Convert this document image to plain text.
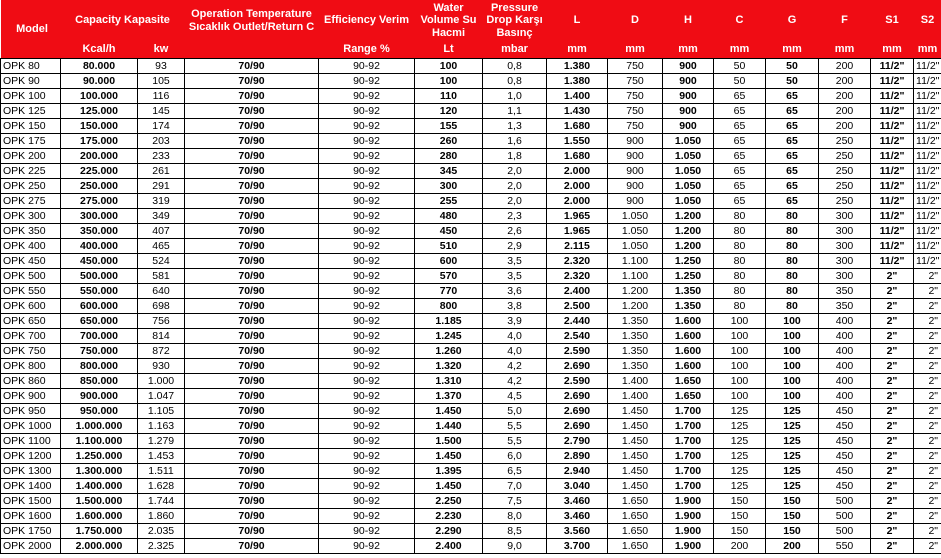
Model	Capacity Kapasite		Operation Temperature Sıcaklık Outlet/Return C	Efficiency Verim	Water Volume Su Hacmi	Pressure Drop Karşı Basınç	L	D	H	C	G	F	S1	S2
	Kcal/h	kw		Range %	Lt	mbar	mm	mm	mm	mm	mm	mm	mm	mm
OPK 80	80.000	93	70/90	90-92	100	0,8	1.380	750	900	50	50	200	11/2"	11/2"
OPK 90	90.000	105	70/90	90-92	100	0,8	1.380	750	900	50	50	200	11/2"	11/2"
OPK 100	100.000	116	70/90	90-92	110	1,0	1.400	750	900	65	65	200	11/2"	11/2"
OPK 125	125.000	145	70/90	90-92	120	1,1	1.430	750	900	65	65	200	11/2"	11/2"
OPK 150	150.000	174	70/90	90-92	155	1,3	1.680	750	900	65	65	200	11/2"	11/2"
OPK 175	175.000	203	70/90	90-92	260	1,6	1.550	900	1.050	65	65	250	11/2"	11/2"
OPK 200	200.000	233	70/90	90-92	280	1,8	1.680	900	1.050	65	65	250	11/2"	11/2"
OPK 225	225.000	261	70/90	90-92	345	2,0	2.000	900	1.050	65	65	250	11/2"	11/2"
OPK 250	250.000	291	70/90	90-92	300	2,0	2.000	900	1.050	65	65	250	11/2"	11/2"
OPK 275	275.000	319	70/90	90-92	255	2,0	2.000	900	1.050	65	65	250	11/2"	11/2"
OPK 300	300.000	349	70/90	90-92	480	2,3	1.965	1.050	1.200	80	80	300	11/2"	11/2"
OPK 350	350.000	407	70/90	90-92	450	2,6	1.965	1.050	1.200	80	80	300	11/2"	11/2"
OPK 400	400.000	465	70/90	90-92	510	2,9	2.115	1.050	1.200	80	80	300	11/2"	11/2"
OPK 450	450.000	524	70/90	90-92	600	3,5	2.320	1.100	1.250	80	80	300	11/2"	11/2"
OPK 500	500.000	581	70/90	90-92	570	3,5	2.320	1.100	1.250	80	80	300	2"	2"
OPK 550	550.000	640	70/90	90-92	770	3,6	2.400	1.200	1.350	80	80	350	2"	2"
OPK 600	600.000	698	70/90	90-92	800	3,8	2.500	1.200	1.350	80	80	350	2"	2"
OPK 650	650.000	756	70/90	90-92	1.185	3,9	2.440	1.350	1.600	100	100	400	2"	2"
OPK 700	700.000	814	70/90	90-92	1.245	4,0	2.540	1.350	1.600	100	100	400	2"	2"
OPK 750	750.000	872	70/90	90-92	1.260	4,0	2.590	1.350	1.600	100	100	400	2"	2"
OPK 800	800.000	930	70/90	90-92	1.320	4,2	2.690	1.350	1.600	100	100	400	2"	2"
OPK 860	850.000	1.000	70/90	90-92	1.310	4,2	2.590	1.400	1.650	100	100	400	2"	2"
OPK 900	900.000	1.047	70/90	90-92	1.370	4,5	2.690	1.400	1.650	100	100	400	2"	2"
OPK 950	950.000	1.105	70/90	90-92	1.450	5,0	2.690	1.450	1.700	125	125	450	2"	2"
OPK 1000	1.000.000	1.163	70/90	90-92	1.440	5,5	2.690	1.450	1.700	125	125	450	2"	2"
OPK 1100	1.100.000	1.279	70/90	90-92	1.500	5,5	2.790	1.450	1.700	125	125	450	2"	2"
OPK 1200	1.250.000	1.453	70/90	90-92	1.450	6,0	2.890	1.450	1.700	125	125	450	2"	2"
OPK 1300	1.300.000	1.511	70/90	90-92	1.395	6,5	2.940	1.450	1.700	125	125	450	2"	2"
OPK 1400	1.400.000	1.628	70/90	90-92	1.450	7,0	3.040	1.450	1.700	125	125	450	2"	2"
OPK 1500	1.500.000	1.744	70/90	90-92	2.250	7,5	3.460	1.650	1.900	150	150	500	2"	2"
OPK 1600	1.600.000	1.860	70/90	90-92	2.230	8,0	3.460	1.650	1.900	150	150	500	2"	2"
OPK 1750	1.750.000	2.035	70/90	90-92	2.290	8,5	3.560	1.650	1.900	150	150	500	2"	2"
OPK 2000	2.000.000	2.325	70/90	90-92	2.400	9,0	3.700	1.650	1.900	200	200	550	2"	2"
